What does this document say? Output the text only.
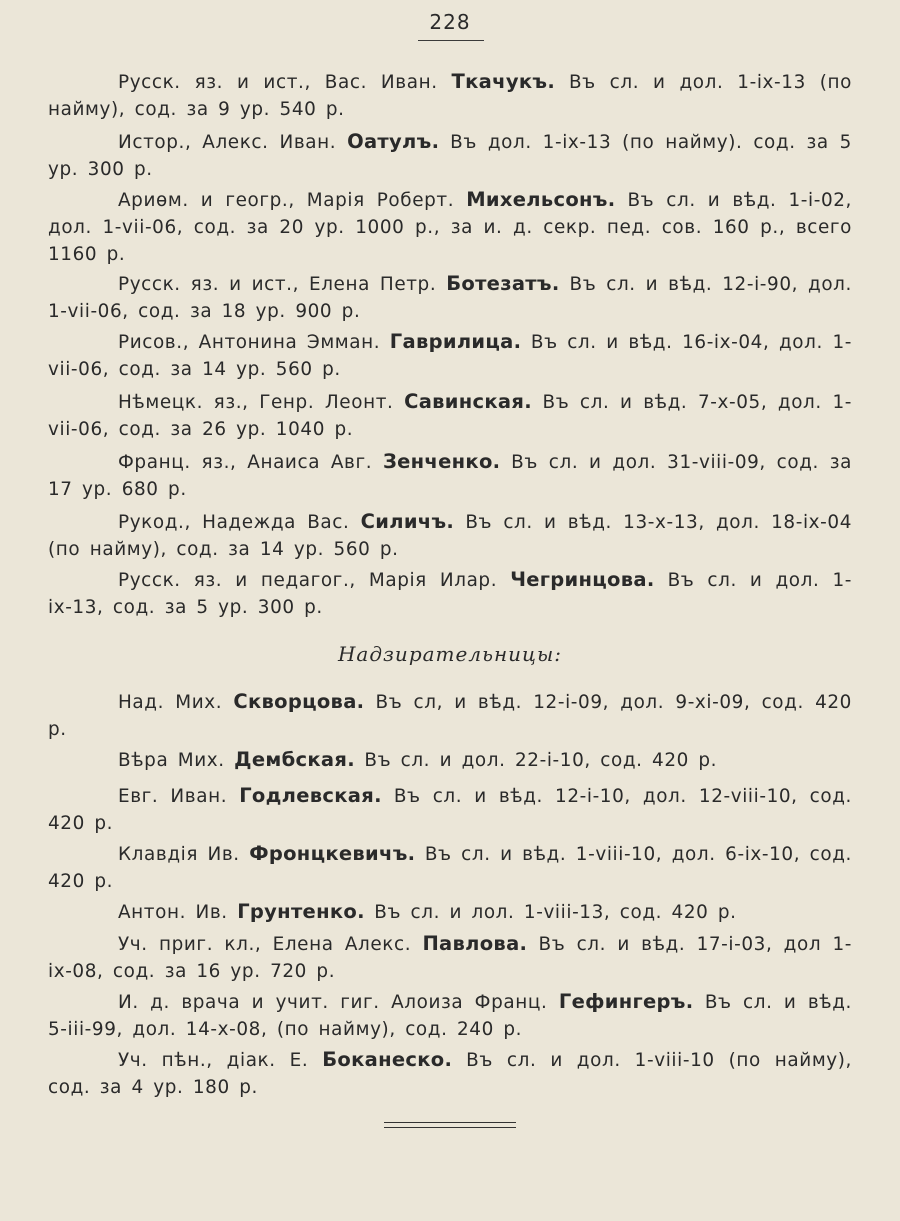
228
Русск. яз. и ист., Вас. Иван. Ткачукъ. Въ сл. и дол. 1-іх-13 (по найму), сод. за 9 ур. 540 р.
Истор., Алекс. Иван. Оатулъ. Въ дол. 1-іх-13 (по найму). сод. за 5 ур. 300 р.
Ариѳм. и геогр., Марія Роберт. Михельсонъ. Въ сл. и вѣд. 1-і-02, дол. 1-vіі-06, сод. за 20 ур. 1000 р., за и. д. секр. пед. сов. 160 р., всего 1160 р.
Русск. яз. и ист., Елена Петр. Ботезатъ. Въ сл. и вѣд. 12-і-90, дол. 1-vіі-06, сод. за 18 ур. 900 р.
Рисов., Антонина Эмман. Гаврилица. Въ сл. и вѣд. 16-іх-04, дол. 1-vіі-06, сод. за 14 ур. 560 р.
Нѣмецк. яз., Генр. Леонт. Савинская. Въ сл. и вѣд. 7-х-05, дол. 1-vіі-06, сод. за 26 ур. 1040 р.
Франц. яз., Анаиса Авг. Зенченко. Въ сл. и дол. 31-vііі-09, сод. за 17 ур. 680 р.
Рукод., Надежда Вас. Силичъ. Въ сл. и вѣд. 13-х-13, дол. 18-іх-04 (по найму), сод. за 14 ур. 560 р.
Русск. яз. и педагог., Марія Илар. Чегринцова. Въ сл. и дол. 1-іх-13, сод. за 5 ур. 300 р.
Надзирательницы:
Над. Мих. Скворцова. Въ сл, и вѣд. 12-і-09, дол. 9-хі-09, сод. 420 р.
Вѣра Мих. Дембская. Въ сл. и дол. 22-і-10, сод. 420 р.
Евг. Иван. Годлевская. Въ сл. и вѣд. 12-і-10, дол. 12-vііі-10, сод. 420 р.
Клавдія Ив. Фронцкевичъ. Въ сл. и вѣд. 1-vііі-10, дол. 6-іх-10, сод. 420 р.
Антон. Ив. Грунтенко. Въ сл. и лол. 1-vііі-13, сод. 420 р.
Уч. приг. кл., Елена Алекс. Павлова. Въ сл. и вѣд. 17-і-03, дол 1-іх-08, сод. за 16 ур. 720 р.
И. д. врача и учит. гиг. Алоиза Франц. Гефингеръ. Въ сл. и вѣд. 5-ііі-99, дол. 14-х-08, (по найму), сод. 240 р.
Уч. пѣн., діак. Е. Боканеско. Въ сл. и дол. 1-vііі-10 (по найму), сод. за 4 ур. 180 р.
